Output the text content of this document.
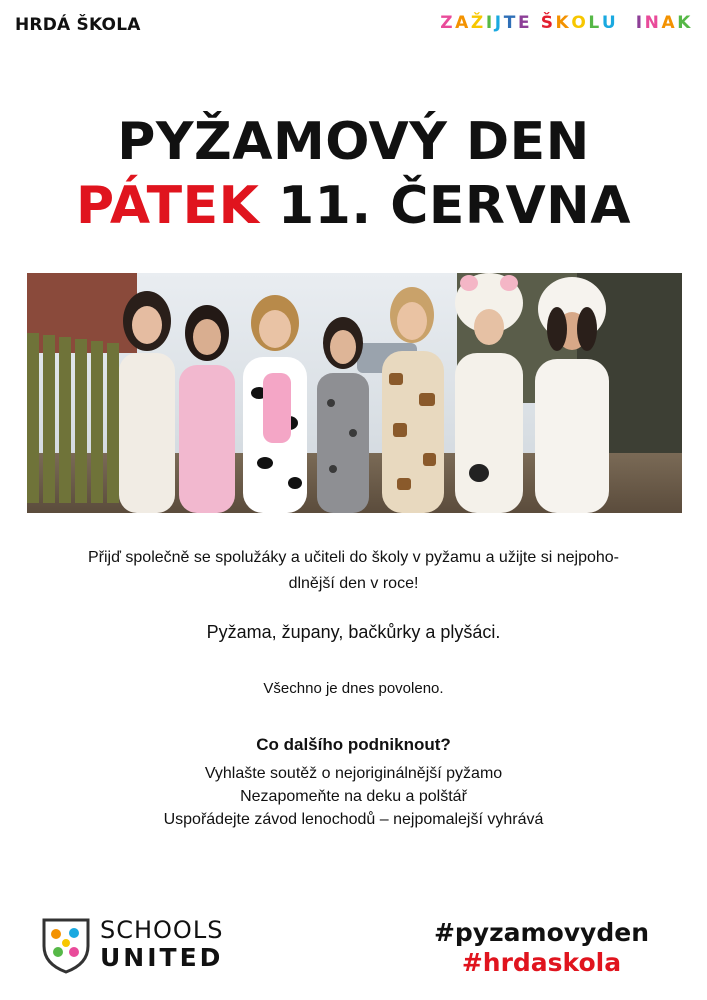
HRDÁ ŠKOLA	ZAŽIJTE ŠKOLU JINAK
PYŽAMOVÝ DEN
PÁTEK 11. ČERVNA
Přijď společně se spolužáky a učiteli do školy v pyžamu a užijte si nejpoho-
dlnější den v roce!
Pyžama, župany, bačkůrky a plyšáci.
Všechno je dnes povoleno.
Co dalšího podniknout?
Vyhlašte soutěž o nejoriginálnější pyžamo
Nezapomeňte na deku a polštář
Uspořádejte závod lenochodů – nejpomalejší vyhrává
SCHOOLS
UNITED
#pyzamovyden
#hrdaskola
